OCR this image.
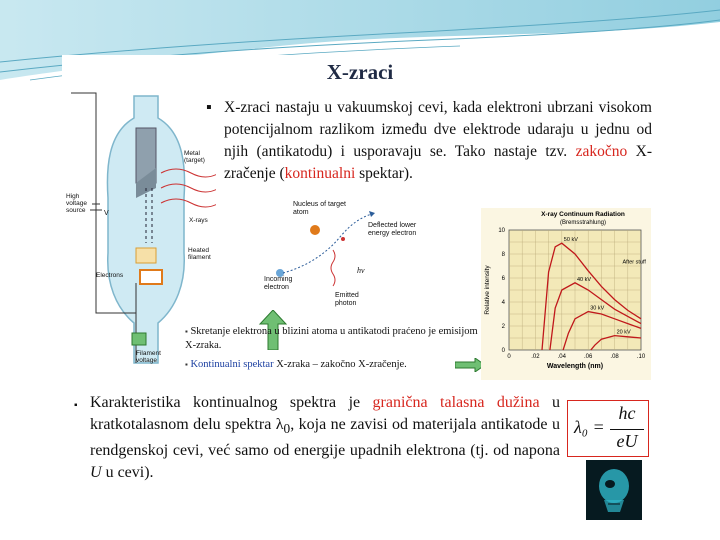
X-zraci
Metal (target)
High voltage source	V
X-rays
Heated filament
Electrons
Filament voltage
Nucleus of target atom
Deflected lower energy electron
Incoming electron
Emitted photon
hν
▪ X-zraci nastaju u vakuumskoj cevi, kada elektroni ubrzani visokom potencijalnom razlikom između dve elektrode udaraju u jednu od njih (antikatodu) i usporavaju se. Tako nastaje tzv. zakočno X-zračenje (kontinualni spektar).
▪ Skretanje elektrona u blizini atoma u antikatodi praćeno je emisijom X-zraka.
▪ Kontinualni spektar X-zraka – zakočno X-zračenje.
X-ray Continuum Radiation
(Bremsstrahlung)
0	.02	.04	.06	.08	.10
0
2
4
6
8
10
Wavelength (nm)
Relative intensity
50 kV
40 kV
30 kV
20 kV
After stuff
▪ Karakteristika kontinualnog spektra je granična talasna dužina u kratkotalasnom delu spektra $\lambda_0$, koja ne zavisi od materijala antikatode u rendgenskoj cevi, već samo od energije upadnih elektrona (tj. od napona U u cevi).
λ₀ =
hc
eU
